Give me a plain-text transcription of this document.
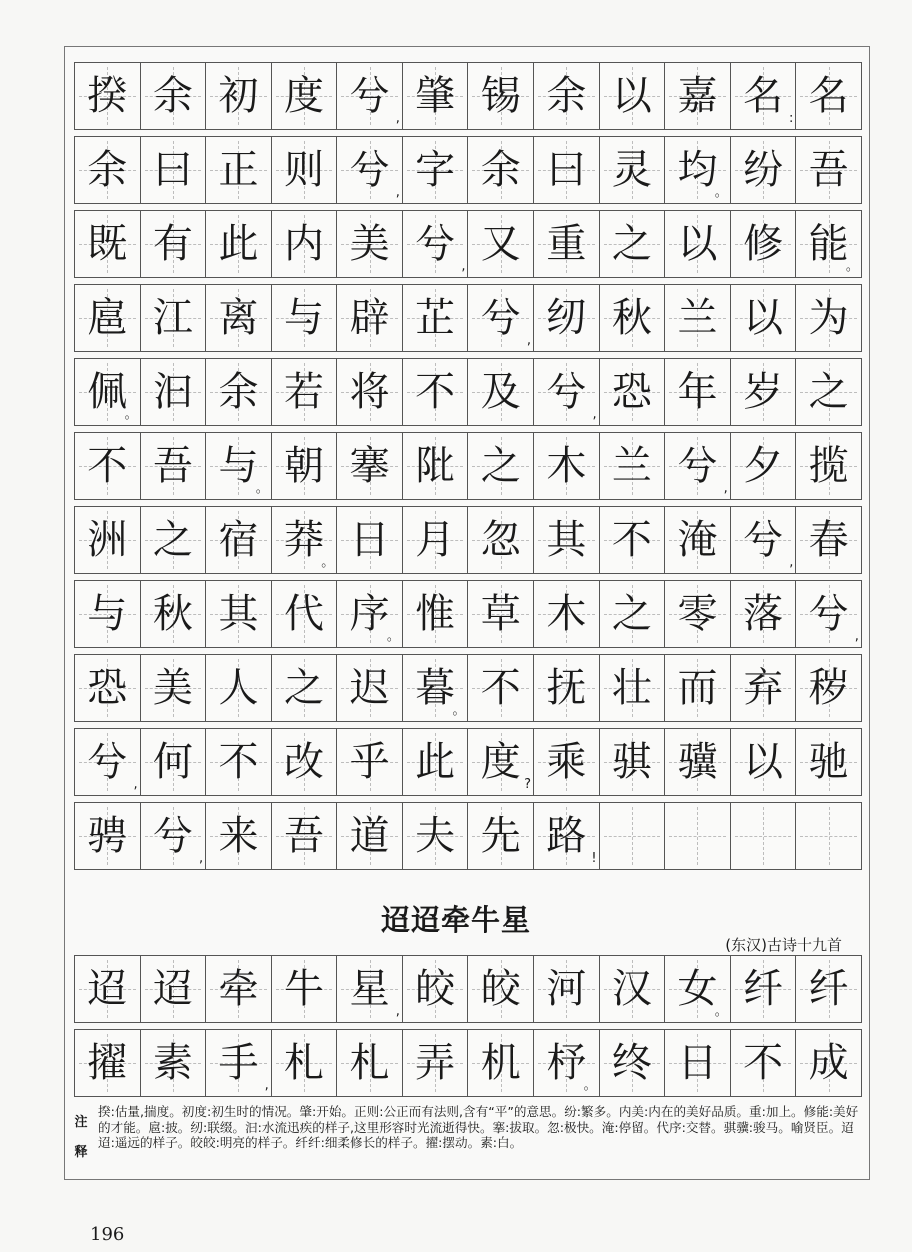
揆 余 初 度 兮 , 肇 锡 余 以 嘉 名 : 名
余 曰 正 则 兮 , 字 余 曰 灵 均
。 纷 吾
既 有 此 内 美 兮 , 又 重 之 以 修 能
。
扈 江 离 与 辟 芷 兮 , 纫 秋 兰 以 为
佩
。 汩 余 若 将 不 及 兮 , 恐 年 岁 之
不 吾 与
。 朝 搴 阰 之 木 兰 兮 , 夕 揽
洲 之 宿 莽
。 日 月 忽 其 不 淹 兮 , 春
与 秋 其 代 序
。 惟 草 木 之 零 落 兮 ,
恐 美 人 之 迟 暮
。 不 抚 壮 而 弃 秽
兮 , 何 不 改 乎 此 度 ? 乘 骐 骥 以 驰
骋 兮 , 来 吾 道 夫 先 路 !
迢迢牵牛星
(东汉)古诗十九首
迢 迢 牵 牛 星 , 皎 皎 河 汉 女
。 纤 纤
擢 素 手 , 札 札 弄 机 杼
。 终 日 不 成
注释
揆:估量,揣度。初度:初生时的情况。肇:开始。正则:公正而有法则,含有“平”的意思。纷:繁多。内美:内在的美好品质。重:加上。修能:美好的才能。扈:披。纫:联缀。汩:水流迅疾的样子,这里形容时光流逝得快。搴:拔取。忽:极快。淹:停留。代序:交替。骐骥:骏马。喻贤臣。迢迢:遥远的样子。皎皎:明亮的样子。纤纤:细柔修长的样子。擢:摆动。素:白。
196
